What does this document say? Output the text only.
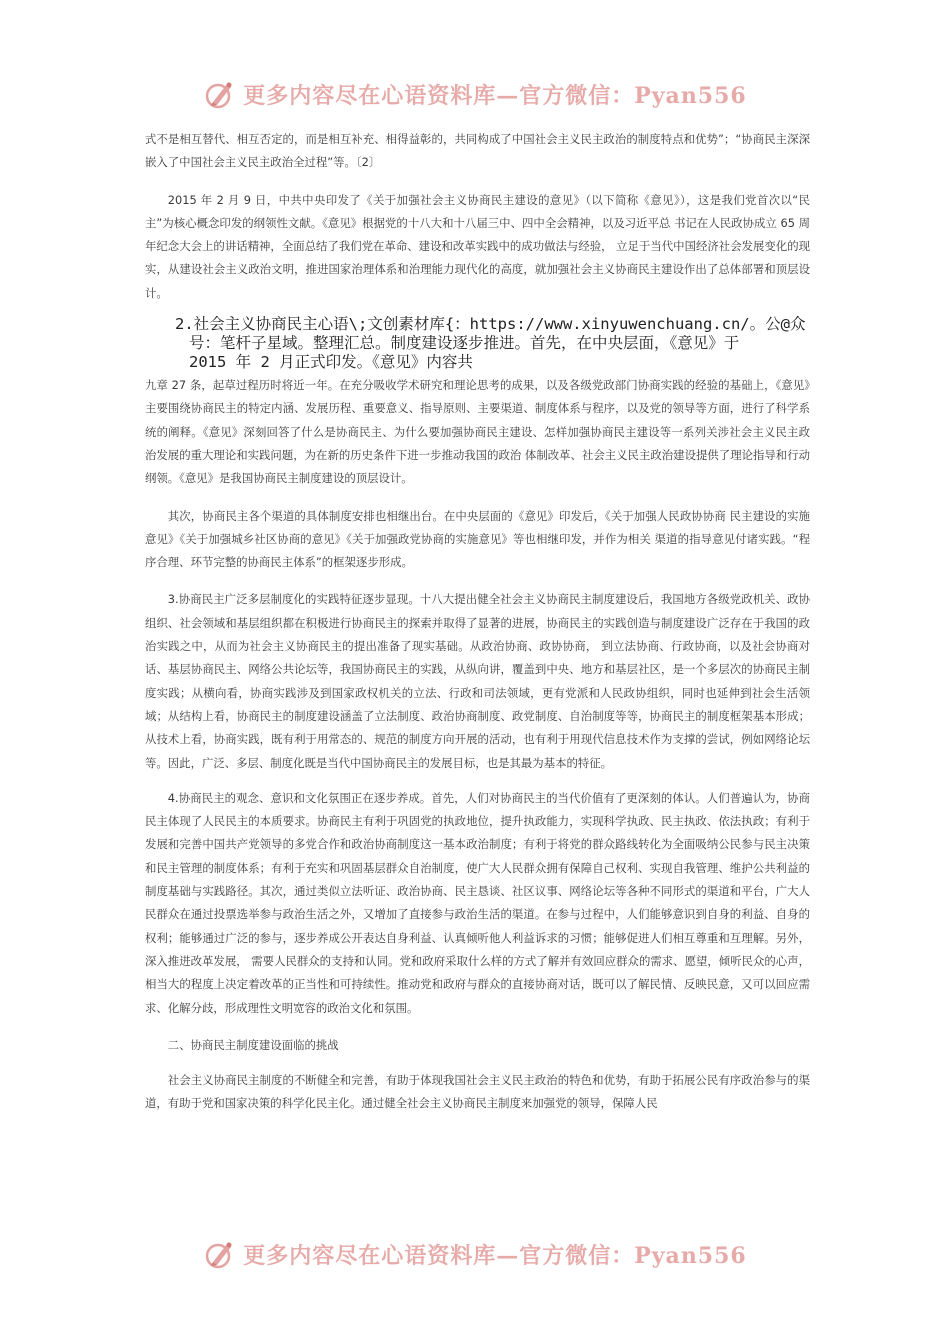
更多内容尽在心语资料库—官方微信：Pyan556

式不是相互替代、相互否定的，而是相互补充、相得益彰的，共同构成了中国社会主义民主政治的制度特点和优势”；“协商民主深深嵌入了中国社会主义民主政治全过程”等。〔2〕

2015 年 2 月 9 日，中共中央印发了《关于加强社会主义协商民主建设的意见》（以下简称《意见》），这是我们党首次以“民主”为核心概念印发的纲领性文献。《意见》根据党的十八大和十八届三中、四中全会精神，以及习近平总 书记在人民政协成立 65 周年纪念大会上的讲话精神，全面总结了我们党在革命、建设和改革实践中的成功做法与经验， 立足于当代中国经济社会发展变化的现实，从建设社会主义政治文明，推进国家治理体系和治理能力现代化的高度，就加强社会主义协商民主建设作出了总体部署和顶层设计。

2.社会主义协商民主心语\;文创素材库{：https://www.xinyuwenchuang.cn/。公@众
号：笔杆子星域。整理汇总。制度建设逐步推进。首先，在中央层面，《意见》于
2015 年 2 月正式印发。《意见》内容共

九章 27 条，起草过程历时将近一年。在充分吸收学术研究和理论思考的成果，以及各级党政部门协商实践的经验的基础上，《意见》主要围绕协商民主的特定内涵、发展历程、重要意义、指导原则、主要渠道、制度体系与程序，以及党的领导等方面，进行了科学系统的阐释。《意见》深刻回答了什么是协商民主、为什么要加强协商民主建设、怎样加强协商民主建设等一系列关涉社会主义民主政治发展的重大理论和实践问题，为在新的历史条件下进一步推动我国的政治 体制改革、社会主义民主政治建设提供了理论指导和行动纲领。《意见》是我国协商民主制度建设的顶层设计。

其次，协商民主各个渠道的具体制度安排也相继出台。在中央层面的《意见》印发后，《关于加强人民政协协商 民主建设的实施意见》《关于加强城乡社区协商的意见》《关于加强政党协商的实施意见》等也相继印发，并作为相关 渠道的指导意见付诸实践。“程序合理、环节完整的协商民主体系”的框架逐步形成。

3.协商民主广泛多层制度化的实践特征逐步显现。十八大提出健全社会主义协商民主制度建设后，我国地方各级党政机关、政协组织、社会领域和基层组织都在积极进行协商民主的探索并取得了显著的进展，协商民主的实践创造与制度建设广泛存在于我国的政治实践之中，从而为社会主义协商民主的提出准备了现实基础。从政治协商、政协协商， 到立法协商、行政协商，以及社会协商对话、基层协商民主、网络公共论坛等，我国协商民主的实践，从纵向讲，覆盖到中央、地方和基层社区，是一个多层次的协商民主制度实践；从横向看，协商实践涉及到国家政权机关的立法、行政和司法领域，更有党派和人民政协组织，同时也延伸到社会生活领域；从结构上看，协商民主的制度建设涵盖了立法制度、政治协商制度、政党制度、自治制度等等，协商民主的制度框架基本形成；从技术上看，协商实践，既有利于用常态的、规范的制度方向开展的活动，也有利于用现代信息技术作为支撑的尝试，例如网络论坛等。因此，广泛、多层、制度化既是当代中国协商民主的发展目标，也是其最为基本的特征。

4.协商民主的观念、意识和文化氛围正在逐步养成。首先，人们对协商民主的当代价值有了更深刻的体认。人们普遍认为，协商民主体现了人民民主的本质要求。协商民主有利于巩固党的执政地位，提升执政能力，实现科学执政、民主执政、依法执政；有利于发展和完善中国共产党领导的多党合作和政治协商制度这一基本政治制度；有利于将党的群众路线转化为全面吸纳公民参与民主决策和民主管理的制度体系；有利于充实和巩固基层群众自治制度，使广大人民群众拥有保障自己权利、实现自我管理、维护公共利益的制度基础与实践路径。其次，通过类似立法听证、政治协商、民主恳谈、社区议事、网络论坛等各种不同形式的渠道和平台，广大人民群众在通过投票选举参与政治生活之外，又增加了直接参与政治生活的渠道。在参与过程中，人们能够意识到自身的利益、自身的权利；能够通过广泛的参与，逐步养成公开表达自身利益、认真倾听他人利益诉求的习惯；能够促进人们相互尊重和互理解。另外，深入推进改革发展， 需要人民群众的支持和认同。党和政府采取什么样的方式了解并有效回应群众的需求、愿望，倾听民众的心声，相当大的程度上决定着改革的正当性和可持续性。推动党和政府与群众的直接协商对话，既可以了解民情、反映民意，又可以回应需求、化解分歧，形成理性文明宽容的政治文化和氛围。

二、协商民主制度建设面临的挑战

社会主义协商民主制度的不断健全和完善，有助于体现我国社会主义民主政治的特色和优势，有助于拓展公民有序政治参与的渠道，有助于党和国家决策的科学化民主化。通过健全社会主义协商民主制度来加强党的领导，保障人民

更多内容尽在心语资料库—官方微信：Pyan556
